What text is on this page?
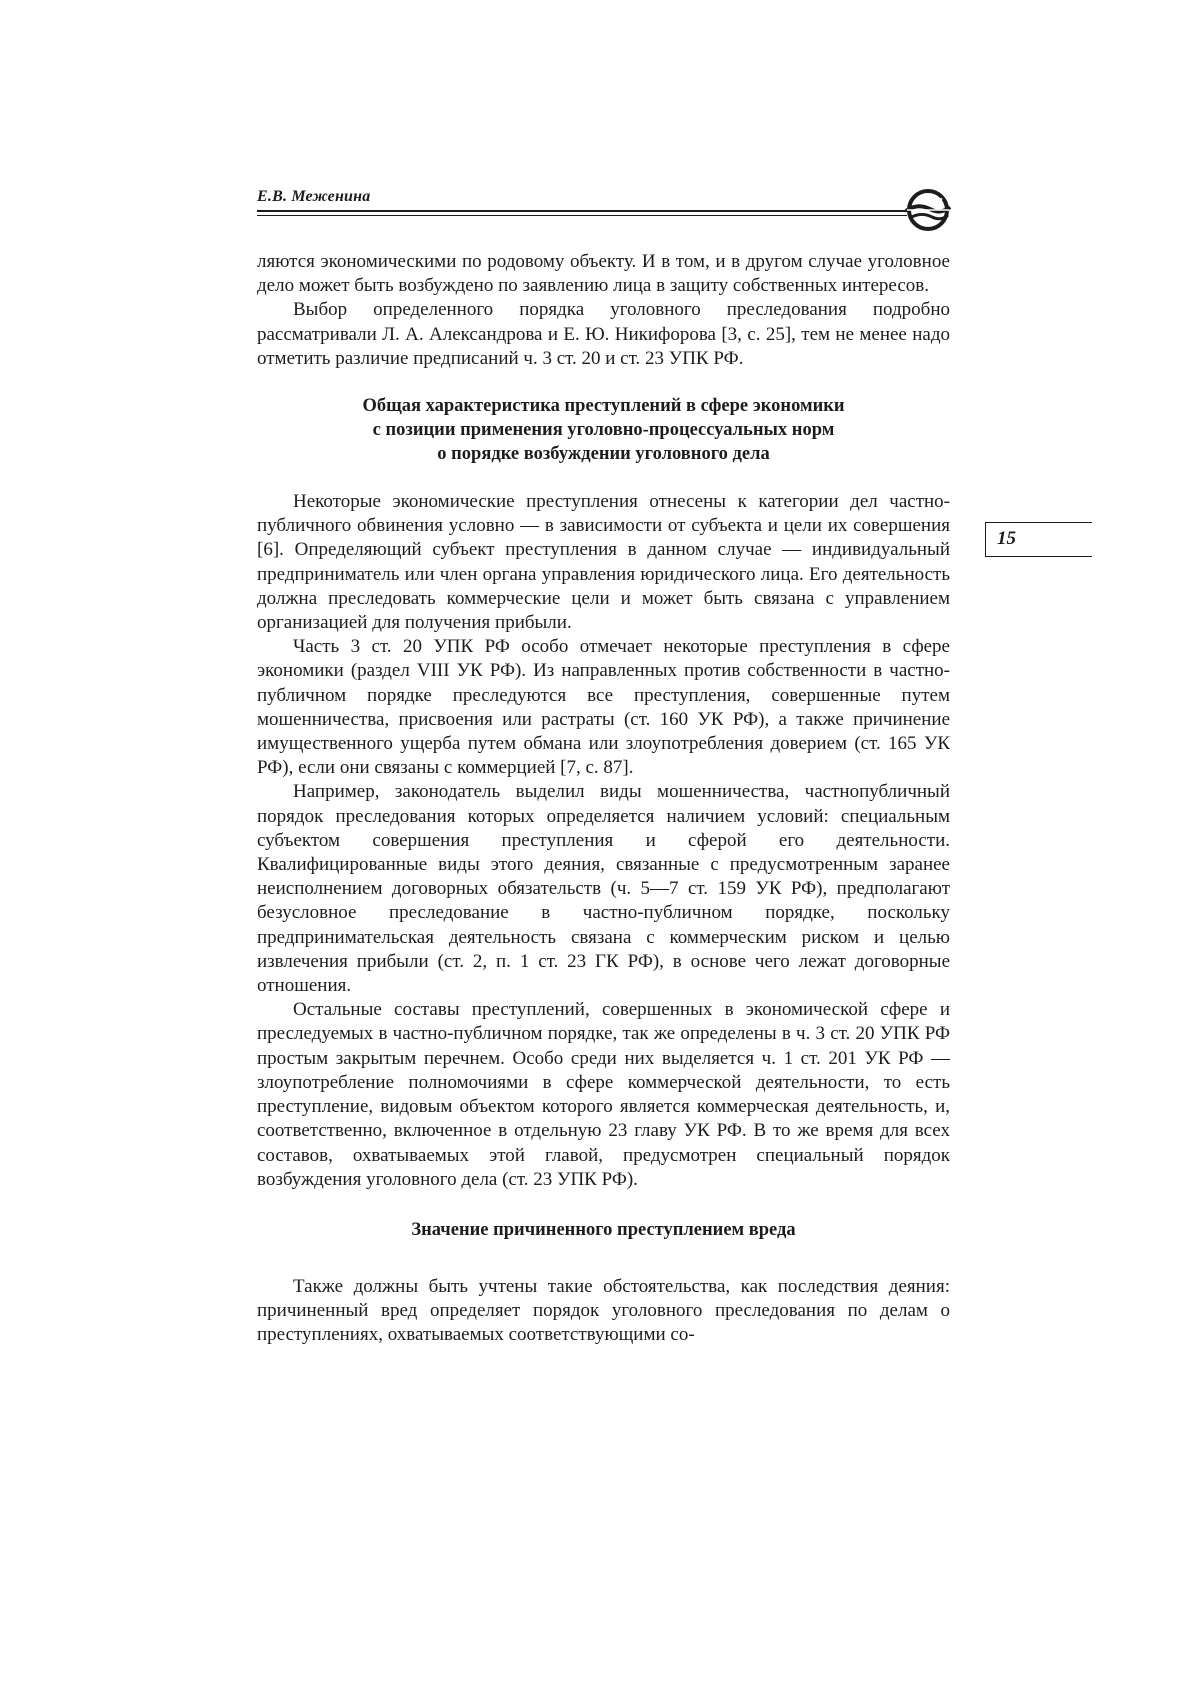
Е.В. Меженина
15

ляются экономическими по родовому объекту. И в том, и в другом случае уголовное дело может быть возбуждено по заявлению лица в защиту собственных интересов.

Выбор определенного порядка уголовного преследования подробно рассматривали Л. А. Александрова и Е. Ю. Никифорова [3, с. 25], тем не менее надо отметить различие предписаний ч. 3 ст. 20 и ст. 23 УПК РФ.

Общая характеристика преступлений в сфере экономики
с позиции применения уголовно-процессуальных норм
о порядке возбуждении уголовного дела

Некоторые экономические преступления отнесены к категории дел частно-публичного обвинения условно — в зависимости от субъекта и цели их совершения [6]. Определяющий субъект преступления в данном случае — индивидуальный предприниматель или член органа управления юридического лица. Его деятельность должна преследовать коммерческие цели и может быть связана с управлением организацией для получения прибыли.

Часть 3 ст. 20 УПК РФ особо отмечает некоторые преступления в сфере экономики (раздел VIII УК РФ). Из направленных против собственности в частно-публичном порядке преследуются все преступления, совершенные путем мошенничества, присвоения или растраты (ст. 160 УК РФ), а также причинение имущественного ущерба путем обмана или злоупотребления доверием (ст. 165 УК РФ), если они связаны с коммерцией [7, с. 87].

Например, законодатель выделил виды мошенничества, частнопубличный порядок преследования которых определяется наличием условий: специальным субъектом совершения преступления и сферой его деятельности. Квалифицированные виды этого деяния, связанные с предусмотренным заранее неисполнением договорных обязательств (ч. 5—7 ст. 159 УК РФ), предполагают безусловное преследование в частно-публичном порядке, поскольку предпринимательская деятельность связана с коммерческим риском и целью извлечения прибыли (ст. 2, п. 1 ст. 23 ГК РФ), в основе чего лежат договорные отношения.

Остальные составы преступлений, совершенных в экономической сфере и преследуемых в частно-публичном порядке, так же определены в ч. 3 ст. 20 УПК РФ простым закрытым перечнем. Особо среди них выделяется ч. 1 ст. 201 УК РФ — злоупотребление полномочиями в сфере коммерческой деятельности, то есть преступление, видовым объектом которого является коммерческая деятельность, и, соответственно, включенное в отдельную 23 главу УК РФ. В то же время для всех составов, охватываемых этой главой, предусмотрен специальный порядок возбуждения уголовного дела (ст. 23 УПК РФ).

Значение причиненного преступлением вреда

Также должны быть учтены такие обстоятельства, как последствия деяния: причиненный вред определяет порядок уголовного преследования по делам о преступлениях, охватываемых соответствующими со-
